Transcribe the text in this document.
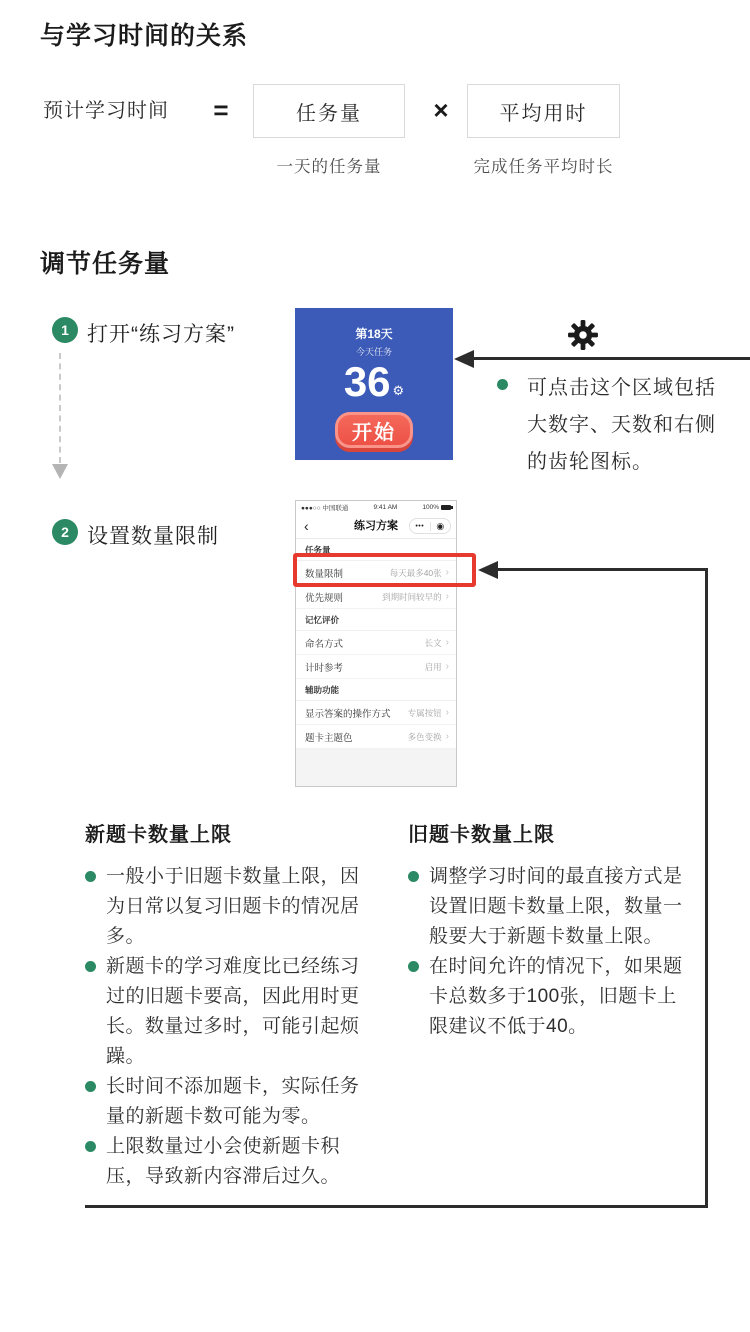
与学习时间的关系
预计学习时间	=	任务量	×	平均用时
一天的任务量	完成任务平均时长
调节任务量
1 打开“练习方案”	第18天
今天任务
36 ⚙
开始
可点击这个区域包括大数字、天数和右侧的齿轮图标。
2 设置数量限制
●●●○○ 中国联通	9:41 AM	100%
‹	练习方案	•••	◉
任务量
数量限制	每天最多40张 ›
优先规则	到期时间较早的 ›
记忆评价
命名方式	长文 ›
计时参考	启用 ›
辅助功能
显示答案的操作方式 专属按钮 ›
题卡主题色	多色变换 ›
新题卡数量上限
一般小于旧题卡数量上限，因为日常以复习旧题卡的情况居多。
新题卡的学习难度比已经练习过的旧题卡要高，因此用时更长。数量过多时，可能引起烦躁。
长时间不添加题卡，实际任务量的新题卡数可能为零。
上限数量过小会使新题卡积压，导致新内容滞后过久。
旧题卡数量上限
调整学习时间的最直接方式是设置旧题卡数量上限，数量一般要大于新题卡数量上限。
在时间允许的情况下，如果题卡总数多于100张，旧题卡上限建议不低于40。
